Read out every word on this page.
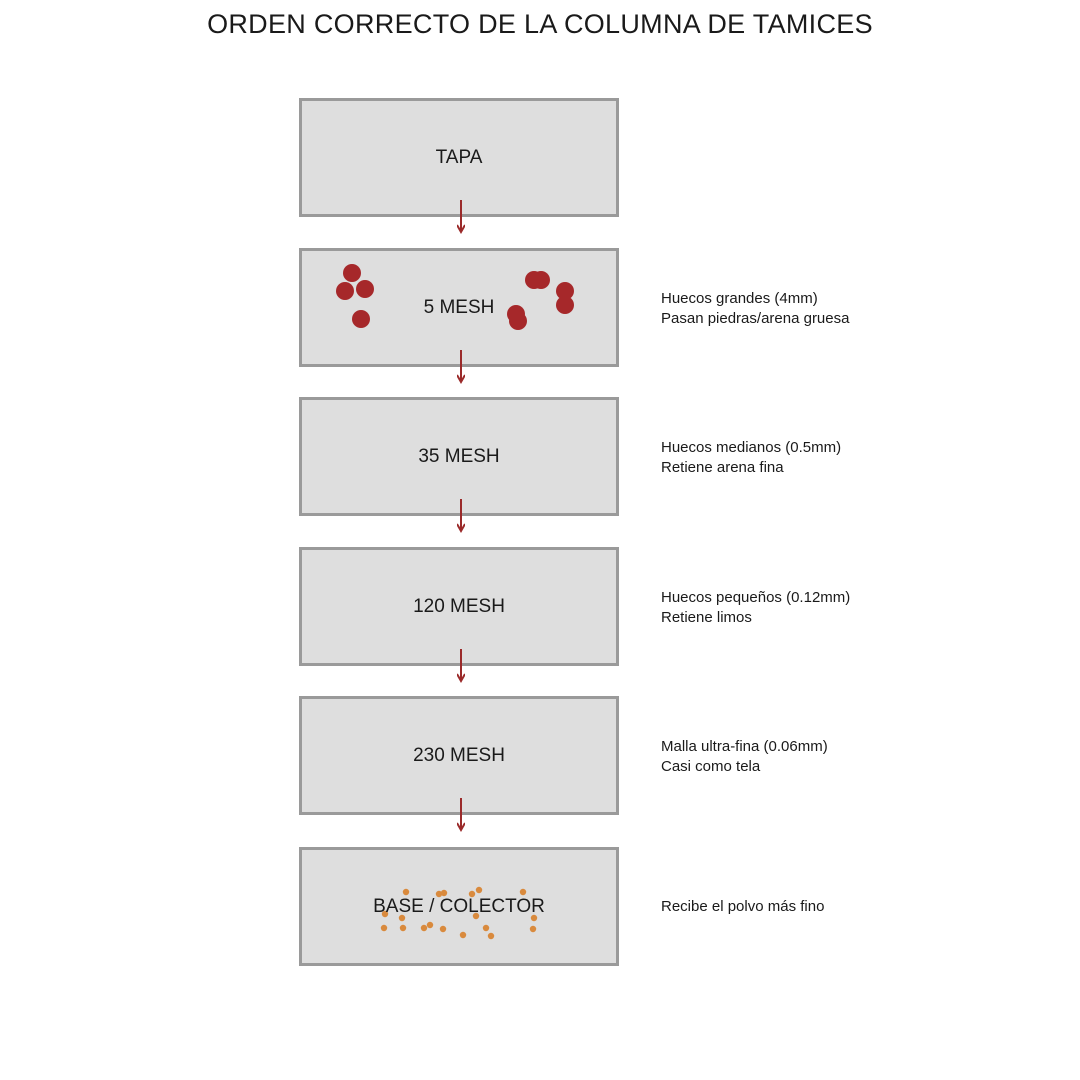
ORDEN CORRECTO DE LA COLUMNA DE TAMICES
TAPA
5 MESH	Huecos grandes (4mm)
Pasan piedras/arena gruesa
35 MESH	Huecos medianos (0.5mm)
Retiene arena fina
120 MESH	Huecos pequeños (0.12mm)
Retiene limos
230 MESH	Malla ultra-fina (0.06mm)
Casi como tela
BASE / COLECTOR	Recibe el polvo más fino
